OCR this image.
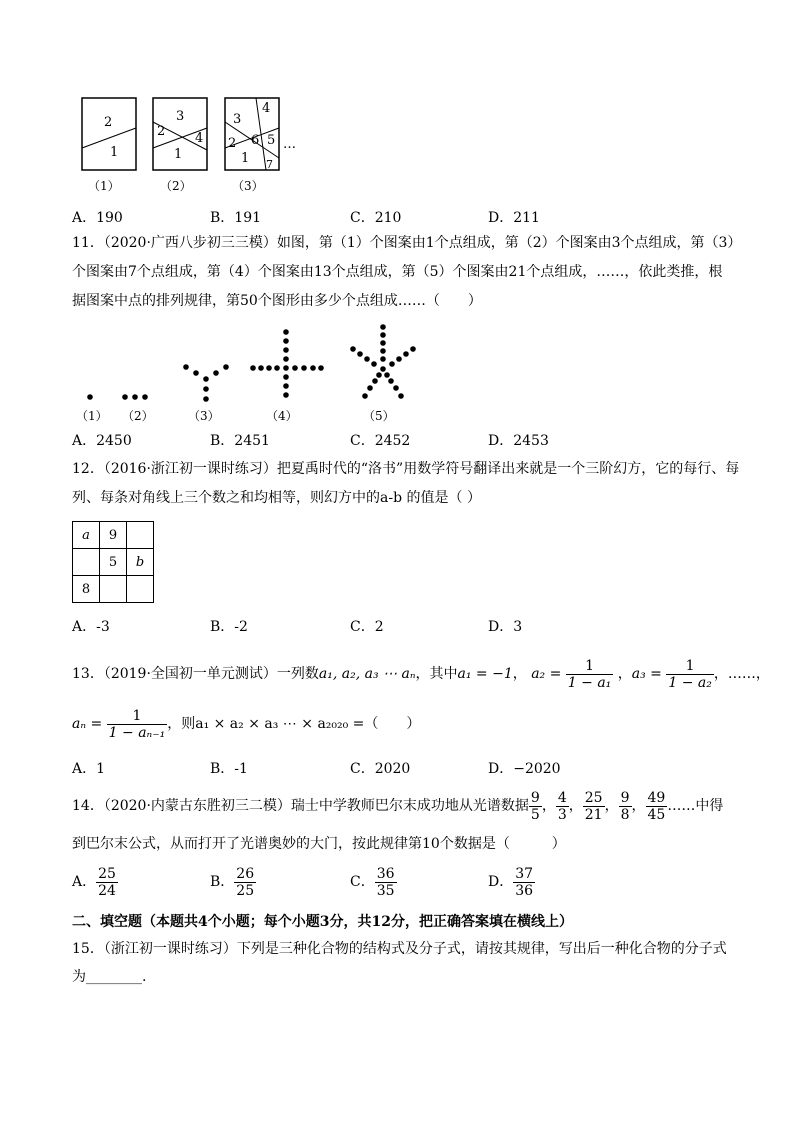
2
1
3
2 4
1
4
3
6 5
2
1 7
…
（1）	（2）	（3）
A．190	B．191	C．210	D．211
11．（2020·广西八步初三三模）如图，第（1）个图案由1个点组成，第（2）个图案由3个点组成，第（3）
个图案由7个点组成，第（4）个图案由13个点组成，第（5）个图案由21个点组成，……，依此类推，根
据图案中点的排列规律，第50个图形由多少个点组成……（　　）
（1） （2）	（3）	（4）	（5）
A．2450	B．2451	C．2452	D．2453
12．（2016·浙江初一课时练习）把夏禹时代的“洛书”用数学符号翻译出来就是一个三阶幻方，它的每行、每
列、每条对角线上三个数之和均相等，则幻方中的a-b 的值是（ ）
a	9	
	5	b
8		
A．-3	B．-2	C．2	D．3
13．（2019·全国初一单元测试）一列数a₁, a₂, a₃ ⋯ aₙ，其中a₁ = −1， $a_2 = \frac{1}{\text{1 − a₁}}$ ，$a_3 = \frac{1}{\text{1 − a₂}}$ ，……，
$a_n = \frac{1}{\text{1 − aₙ₋₁}}$ ，则a₁ × a₂ × a₃ ⋯ × a₂₀₂₀ =（　　）
A．1	B．-1	C．2020	D．−2020
14．（2020·内蒙古东胜初三二模）瑞士中学教师巴尔末成功地从光谱数据 $\frac{9}{5}$ ， $\frac{4}{3}$ ， $\frac{25}{21}$ ， $\frac{9}{8}$ ， $\frac{49}{45}$ ……中得
到巴尔末公式，从而打开了光谱奥妙的大门，按此规律第10个数据是（　　　）
A． $\frac{25}{24}$	B． $\frac{26}{25}$	C． $\frac{36}{35}$	D． $\frac{37}{36}$
二、填空题（本题共4个小题；每个小题3分，共12分，把正确答案填在横线上）
15．（浙江初一课时练习）下列是三种化合物的结构式及分子式，请按其规律，写出后一种化合物的分子式
为________.
